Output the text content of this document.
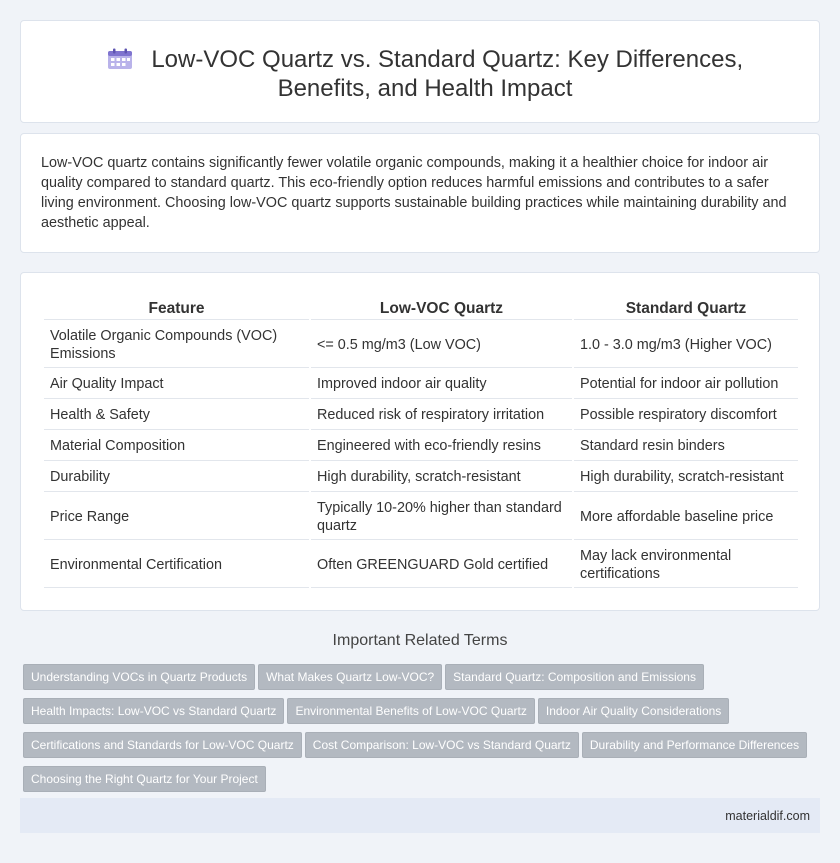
Low-VOC Quartz vs. Standard Quartz: Key Differences, Benefits, and Health Impact

Low-VOC quartz contains significantly fewer volatile organic compounds, making it a healthier choice for indoor air quality compared to standard quartz. This eco-friendly option reduces harmful emissions and contributes to a safer living environment. Choosing low-VOC quartz supports sustainable building practices while maintaining durability and aesthetic appeal.

Feature	Low-VOC Quartz	Standard Quartz
Volatile Organic Compounds (VOC) Emissions	<= 0.5 mg/m3 (Low VOC)	1.0 - 3.0 mg/m3 (Higher VOC)
Air Quality Impact	Improved indoor air quality	Potential for indoor air pollution
Health & Safety	Reduced risk of respiratory irritation	Possible respiratory discomfort
Material Composition	Engineered with eco-friendly resins	Standard resin binders
Durability	High durability, scratch-resistant	High durability, scratch-resistant
Price Range	Typically 10-20% higher than standard quartz	More affordable baseline price
Environmental Certification	Often GREENGUARD Gold certified	May lack environmental certifications
Important Related Terms
Understanding VOCs in Quartz Products What Makes Quartz Low-VOC? Standard Quartz: Composition and Emissions
Health Impacts: Low-VOC vs Standard Quartz Environmental Benefits of Low-VOC Quartz Indoor Air Quality Considerations
Certifications and Standards for Low-VOC Quartz Cost Comparison: Low-VOC vs Standard Quartz Durability and Performance Differences
Choosing the Right Quartz for Your Project
materialdif.com
